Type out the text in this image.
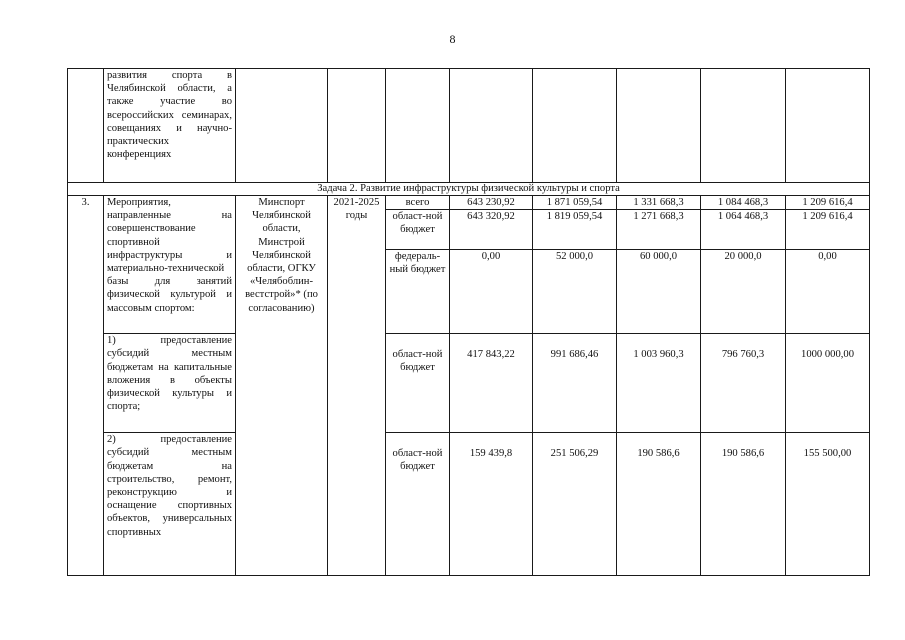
8
	развития спорта в Челябинской области, а также участие во всероссийских семинарах, совещаниях и научно-практических конференциях								
Задача 2. Развитие инфраструктуры физической культуры и спорта									
3.	Мероприятия, направленные на совершенствование спортивной инфраструктуры и материально-технической базы для занятий физической культурой и массовым спортом:	Минспорт Челябинской области, Минстрой Челябинской области, ОГКУ «Челябоблин-вестстрой»* (по согласованию)	2021-2025 годы	всего	643 230,92	1 871 059,54	1 331 668,3	1 084 468,3	1 209 616,4
				област-ной бюджет	643 320,92	1 819 059,54	1 271 668,3	1 064 468,3	1 209 616,4
				федераль-ный бюджет	0,00	52 000,0	60 000,0	20 000,0	0,00
	1) предоставление субсидий местным бюджетам на капитальные вложения в объекты физической культуры и спорта;			област-ной бюджет	417 843,22	991 686,46	1 003 960,3	796 760,3	1000 000,00
	2) предоставление субсидий местным бюджетам на строительство, ремонт, реконструкцию и оснащение спортивных объектов, универсальных спортивных			област-ной бюджет	159 439,8	251 506,29	190 586,6	190 586,6	155 500,00
